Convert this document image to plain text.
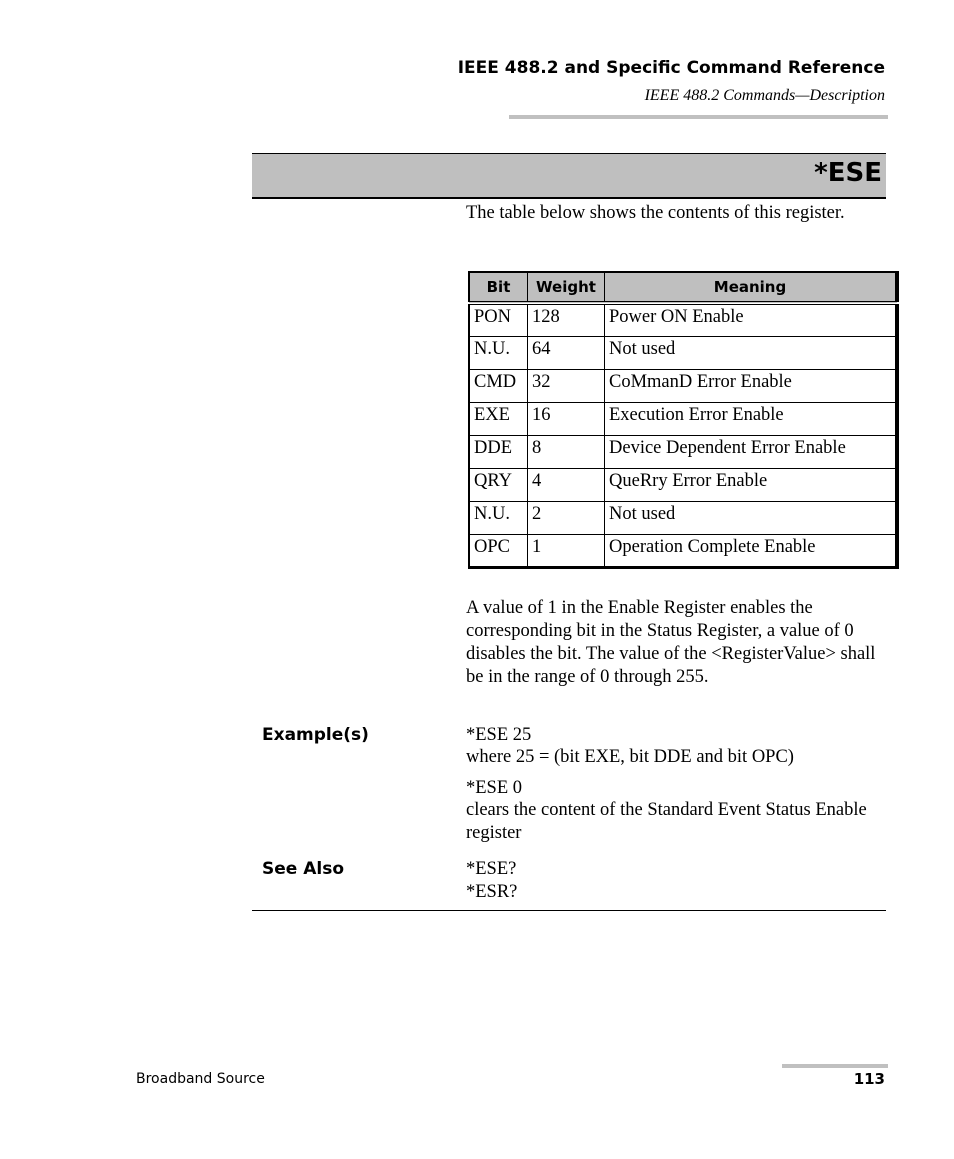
IEEE 488.2 and Specific Command Reference
IEEE 488.2 Commands—Description
*ESE
The table below shows the contents of this register.
Bit	Weight	Meaning
PON	128	Power ON Enable
N.U.	64	Not used
CMD	32	CoMmanD Error Enable
EXE	16	Execution Error Enable
DDE	8	Device Dependent Error Enable
QRY	4	QueRry Error Enable
N.U.	2	Not used
OPC	1	Operation Complete Enable
A value of 1 in the Enable Register enables the corresponding bit in the Status Register, a value of 0 disables the bit. The value of the <RegisterValue> shall be in the range of 0 through 255.
Example(s)	*ESE 25
where 25 = (bit EXE, bit DDE and bit OPC)
*ESE 0
clears the content of the Standard Event Status Enable register
See Also	*ESE?
*ESR?
Broadband Source	113
